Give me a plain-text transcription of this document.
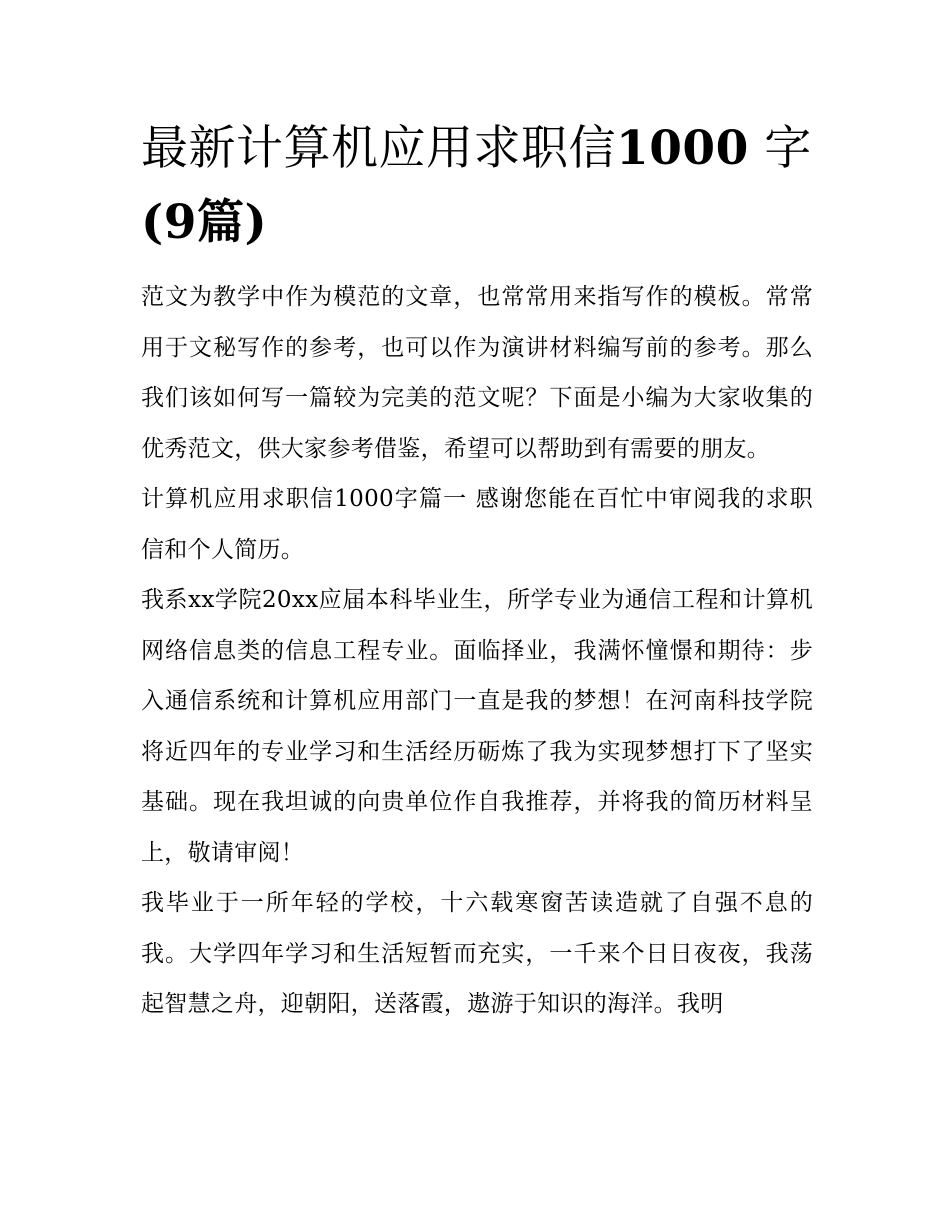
最新计算机应用求职信1000 字
(9篇)

范文为教学中作为模范的文章，也常常用来指写作的模板。常常用于文秘写作的参考，也可以作为演讲材料编写前的参考。那么我们该如何写一篇较为完美的范文呢？下面是小编为大家收集的优秀范文，供大家参考借鉴，希望可以帮助到有需要的朋友。

计算机应用求职信1000字篇一 感谢您能在百忙中审阅我的求职信和个人简历。

我系xx学院20xx应届本科毕业生，所学专业为通信工程和计算机网络信息类的信息工程专业。面临择业，我满怀憧憬和期待：步入通信系统和计算机应用部门一直是我的梦想！在河南科技学院将近四年的专业学习和生活经历砺炼了我为实现梦想打下了坚实基础。现在我坦诚的向贵单位作自我推荐，并将我的简历材料呈上，敬请审阅！

我毕业于一所年轻的学校，十六载寒窗苦读造就了自强不息的我。大学四年学习和生活短暂而充实，一千来个日日夜夜，我荡起智慧之舟，迎朝阳，送落霞，遨游于知识的海洋。我明
